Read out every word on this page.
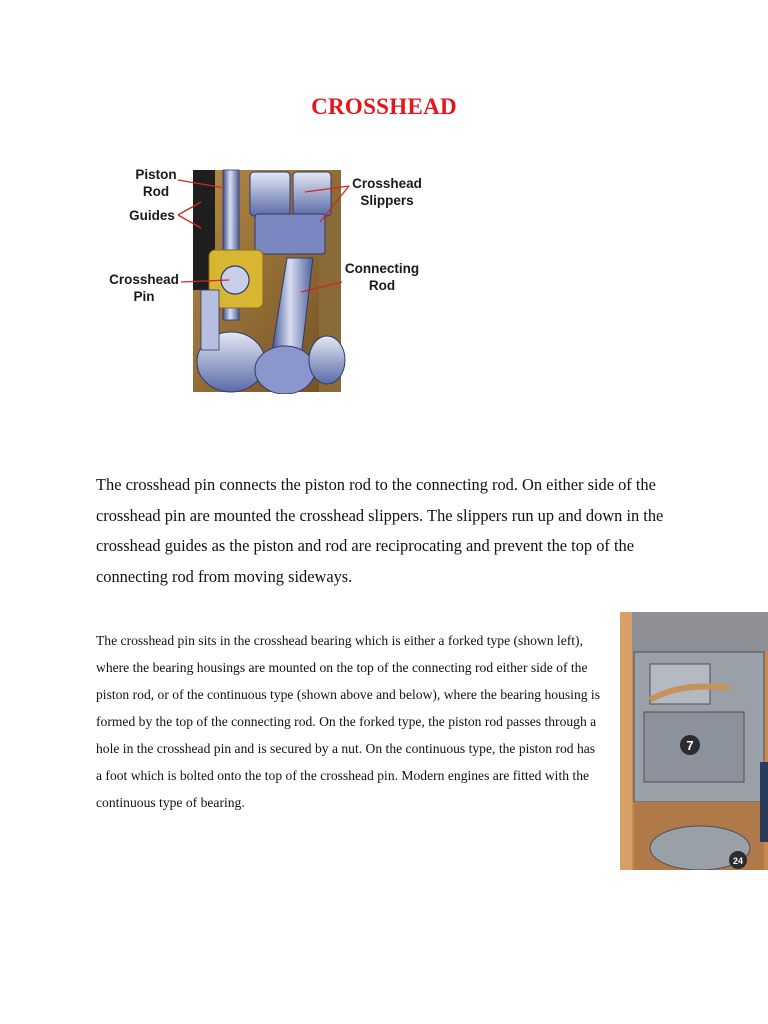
CROSSHEAD
Piston
Rod
Guides
Crosshead
Pin
Crosshead
Slippers
Connecting
Rod

The crosshead pin connects the piston rod to the connecting rod. On either side of the crosshead pin are mounted the crosshead slippers. The slippers run up and down in the crosshead guides as the piston and rod are reciprocating and prevent the top of the connecting rod from moving sideways.

The crosshead pin sits in the crosshead bearing which is either a forked type (shown left), where the bearing housings are mounted on the top of the connecting rod either side of the piston rod, or of the continuous type (shown above and below), where the bearing housing is formed by the top of the connecting rod. On the forked type, the piston rod passes through a hole in the crosshead pin and is secured by a nut. On the continuous type, the piston rod has a foot which is bolted onto the top of the crosshead pin. Modern engines are fitted with the continuous type of bearing.

7
24
